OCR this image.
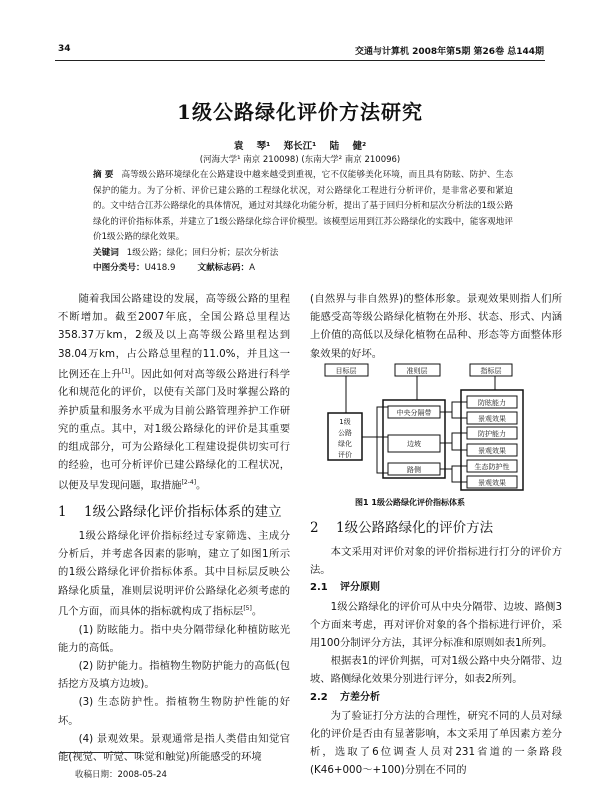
34	交通与计算机 2008年第5期 第26卷 总144期
1级公路绿化评价方法研究
袁 琴¹ 郑长江¹ 陆 健²
(河海大学¹ 南京 210098) (东南大学² 南京 210096)
摘 要 高等级公路环境绿化在公路建设中越来越受到重视，它不仅能够美化环境，而且具有防眩、防护、生态保护的能力。为了分析、评价已建公路的工程绿化状况，对公路绿化工程进行分析评价，是非常必要和紧迫的。文中结合江苏公路绿化的具体情况，通过对其绿化功能分析，提出了基于回归分析和层次分析法的1级公路绿化的评价指标体系，并建立了1级公路绿化综合评价模型。该模型运用到江苏公路绿化的实践中，能客观地评价1级公路的绿化效果。
关键词 1级公路；绿化；回归分析；层次分析法
中图分类号：U418.9	文献标志码：A

随着我国公路建设的发展，高等级公路的里程不断增加。截至2007年底，全国公路总里程达358.37万km，2级及以上高等级公路里程达到38.04万km，占公路总里程的11.0%，并且这一比例还在上升[1]。因此如何对高等级公路进行科学化和规范化的评价，以使有关部门及时掌握公路的养护质量和服务水平成为目前公路管理养护工作研究的重点。其中，对1级公路绿化的评价是其重要的组成部分，可为公路绿化工程建设提供切实可行的经验，也可分析评价已建公路绿化的工程状况，以便及早发现问题，取措施[2-4]。

1 1级公路绿化评价指标体系的建立

1级公路绿化评价指标经过专家筛选、主成分分析后，并考虑各因素的影响，建立了如图1所示的1级公路绿化评价指标体系。其中目标层反映公路绿化质量，准则层说明评价公路绿化必须考虑的几个方面，而具体的指标就构成了指标层[5]。

(1) 防眩能力。指中央分隔带绿化种植防眩光能力的高低。

(2) 防护能力。指植物生物防护能力的高低(包括挖方及填方边坡)。

(3) 生态防护性。指植物生物防护性能的好坏。

(4) 景观效果。景观通常是指人类借由知觉官能(视觉、听觉、味觉和触觉)所能感受的环境

收稿日期：2008-05-24

(自然界与非自然界)的整体形象。景观效果则指人们所能感受高等级公路绿化植物在外形、状态、形式、内涵上价值的高低以及绿化植物在品种、形态等方面整体形象效果的好坏。

目标层	准则层	指标层
1级
公路
绿化
评价
中央分隔带
边坡
路侧
防眩能力
景观效果
防护能力
景观效果
生态防护性
景观效果
图1 1级公路绿化评价指标体系
2 1级公路路绿化的评价方法

本文采用对评价对象的评价指标进行打分的评价方法。

2.1 评分原则

1级公路绿化的评价可从中央分隔带、边坡、路侧3个方面来考虑，再对评价对象的各个指标进行评价，采用100分制评分方法，其评分标准和原则如表1所列。

根据表1的评价判据，可对1级公路中央分隔带、边坡、路侧绿化效果分别进行评分，如表2所列。

2.2 方差分析

为了验证打分方法的合理性，研究不同的人员对绿化的评价是否由有显著影响，本文采用了单因素方差分析，选取了6位调查人员对231省道的一条路段(K46+000～+100)分别在不同的
